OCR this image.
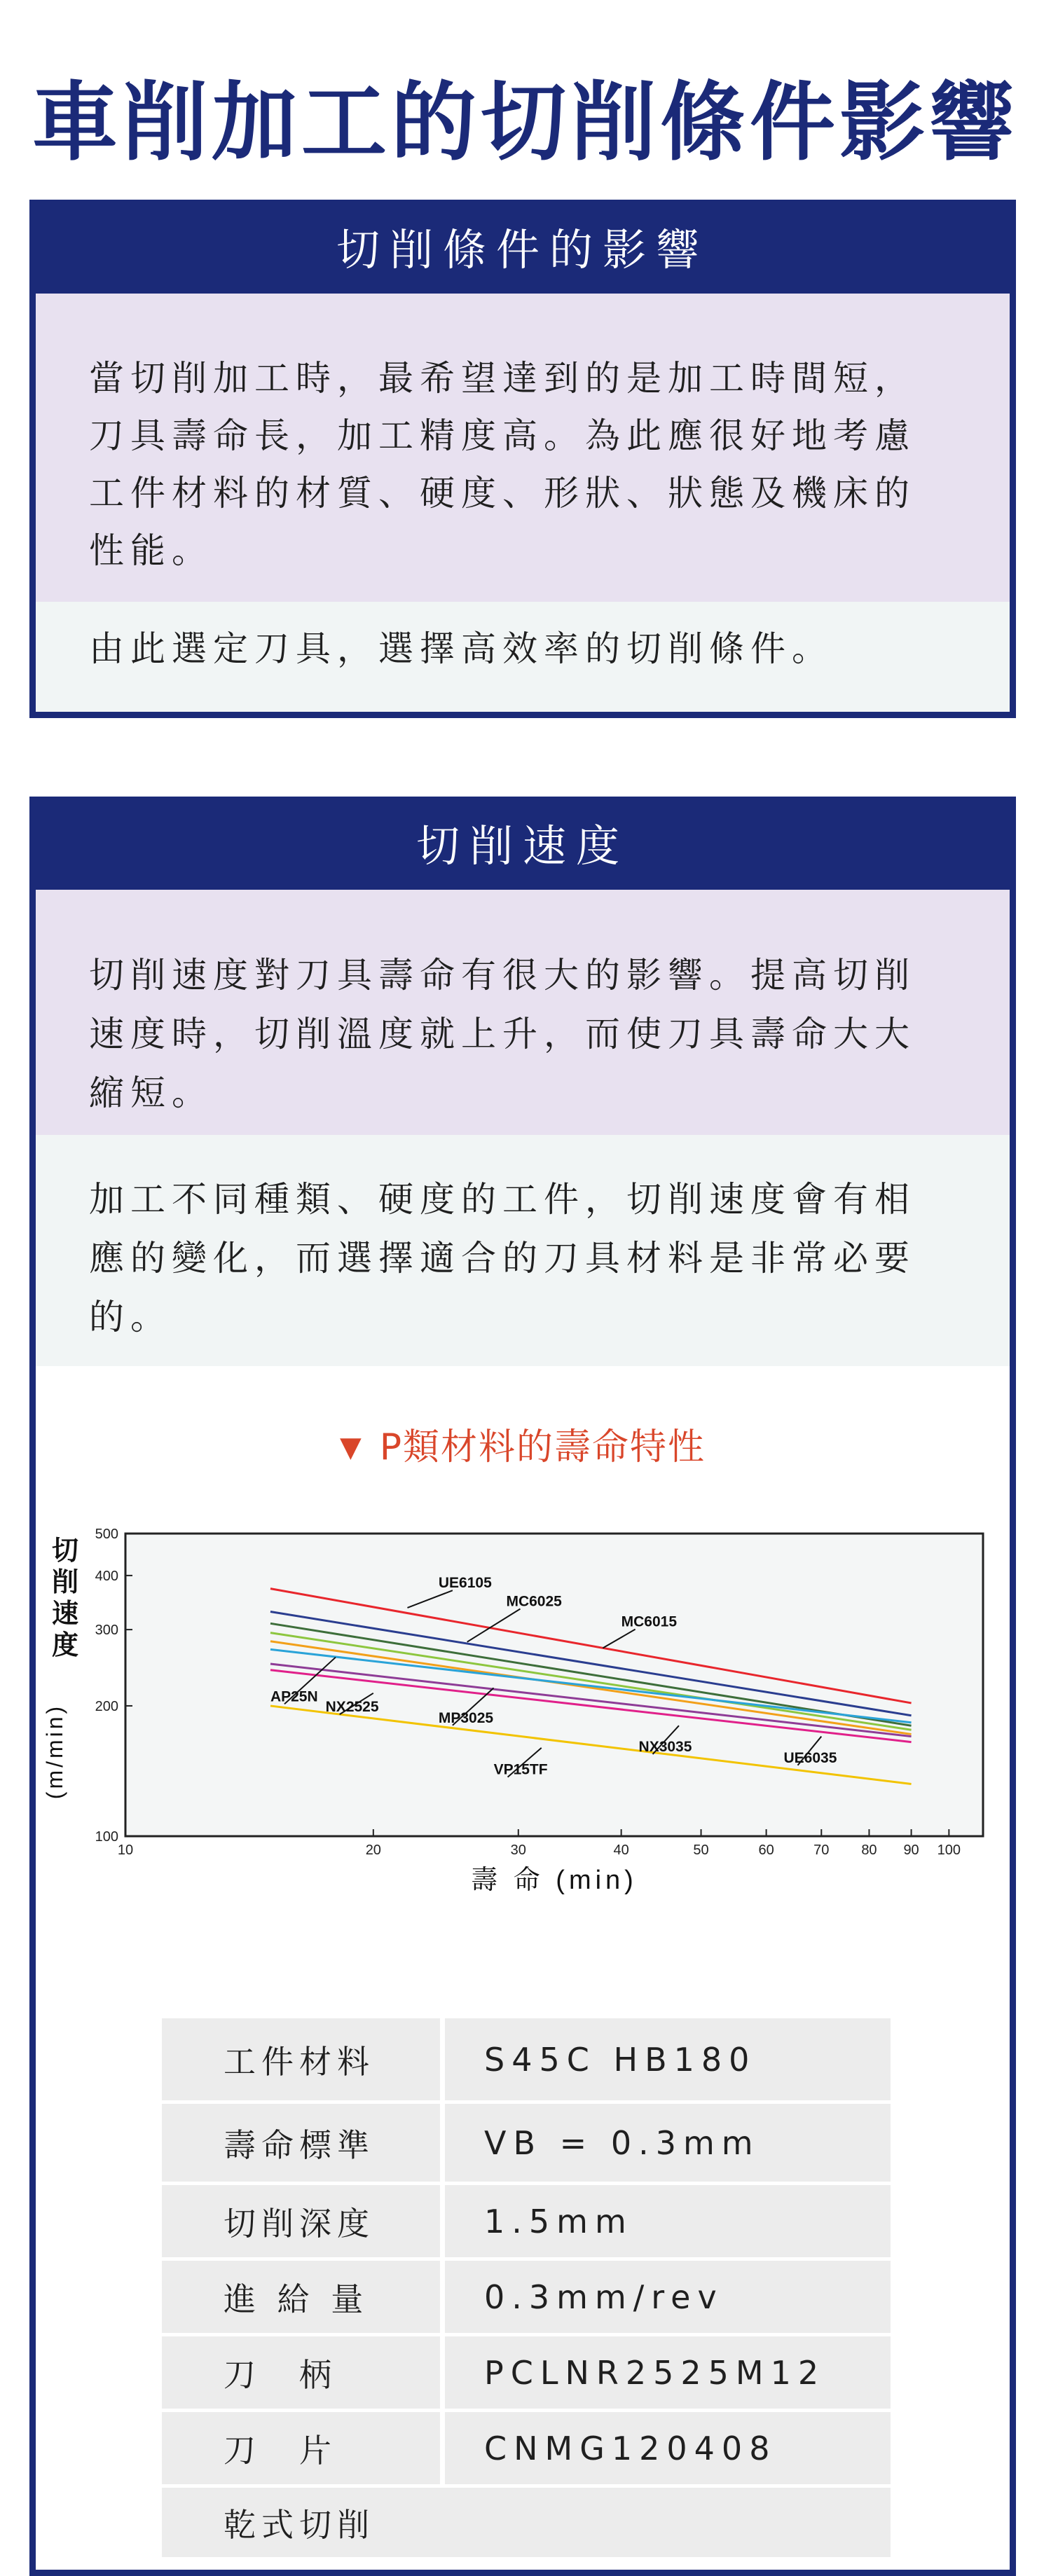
車削加工的切削條件影響
切削條件的影響
當切削加工時，最希望達到的是加工時間短，刀具壽命長，加工精度高。為此應很好地考慮工件材料的材質、硬度、形狀、狀態及機床的性能。
由此選定刀具，選擇高效率的切削條件。
切削速度
切削速度對刀具壽命有很大的影響。提高切削速度時，切削溫度就上升，而使刀具壽命大大縮短。
加工不同種類、硬度的工件，切削速度會有相應的變化，而選擇適合的刀具材料是非常必要的。
▼ P類材料的壽命特性
10	20	30	40	50	60	70 80 90 100
100
200
300
400
500
UE6105
MC6025
MC6015
AP25N
NX2525
MP3025
NX3035
UE6035
VP15TF
切
削
速
度
(m/min)
壽 命 (min)
工件材料	S45C HB180
壽命標準	VB = 0.3mm
切削深度	1.5mm
進 給 量	0.3mm/rev
刀　柄	PCLNR2525M12
刀　片	CNMG120408
乾式切削	
